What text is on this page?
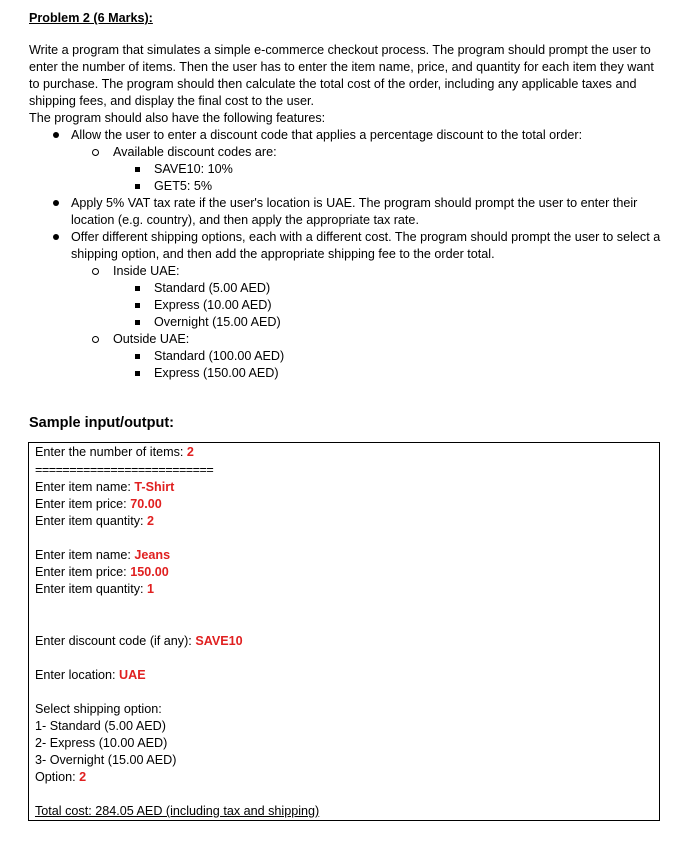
Problem 2 (6 Marks):

Write a program that simulates a simple e-commerce checkout process. The program should prompt the user to enter the number of items. Then the user has to enter the item name, price, and quantity for each item they want to purchase. The program should then calculate the total cost of the order, including any applicable taxes and shipping fees, and display the final cost to the user.

The program should also have the following features:

Allow the user to enter a discount code that applies a percentage discount to the total order:
Available discount codes are:
SAVE10: 10%
GET5: 5%
Apply 5% VAT tax rate if the user's location is UAE. The program should prompt the user to enter their location (e.g. country), and then apply the appropriate tax rate.
Offer different shipping options, each with a different cost. The program should prompt the user to select a shipping option, and then add the appropriate shipping fee to the order total.
Inside UAE:
Standard (5.00 AED)
Express (10.00 AED)
Overnight (15.00 AED)
Outside UAE:
Standard (100.00 AED)
Express (150.00 AED)

Sample input/output:

Enter the number of items: 2
==========================
Enter item name: T-Shirt
Enter item price: 70.00
Enter item quantity: 2
Enter item name: Jeans
Enter item price: 150.00
Enter item quantity: 1
Enter discount code (if any): SAVE10
Enter location: UAE
Select shipping option:
1- Standard (5.00 AED)
2- Express (10.00 AED)
3- Overnight (15.00 AED)
Option: 2
Total cost: 284.05 AED (including tax and shipping)
